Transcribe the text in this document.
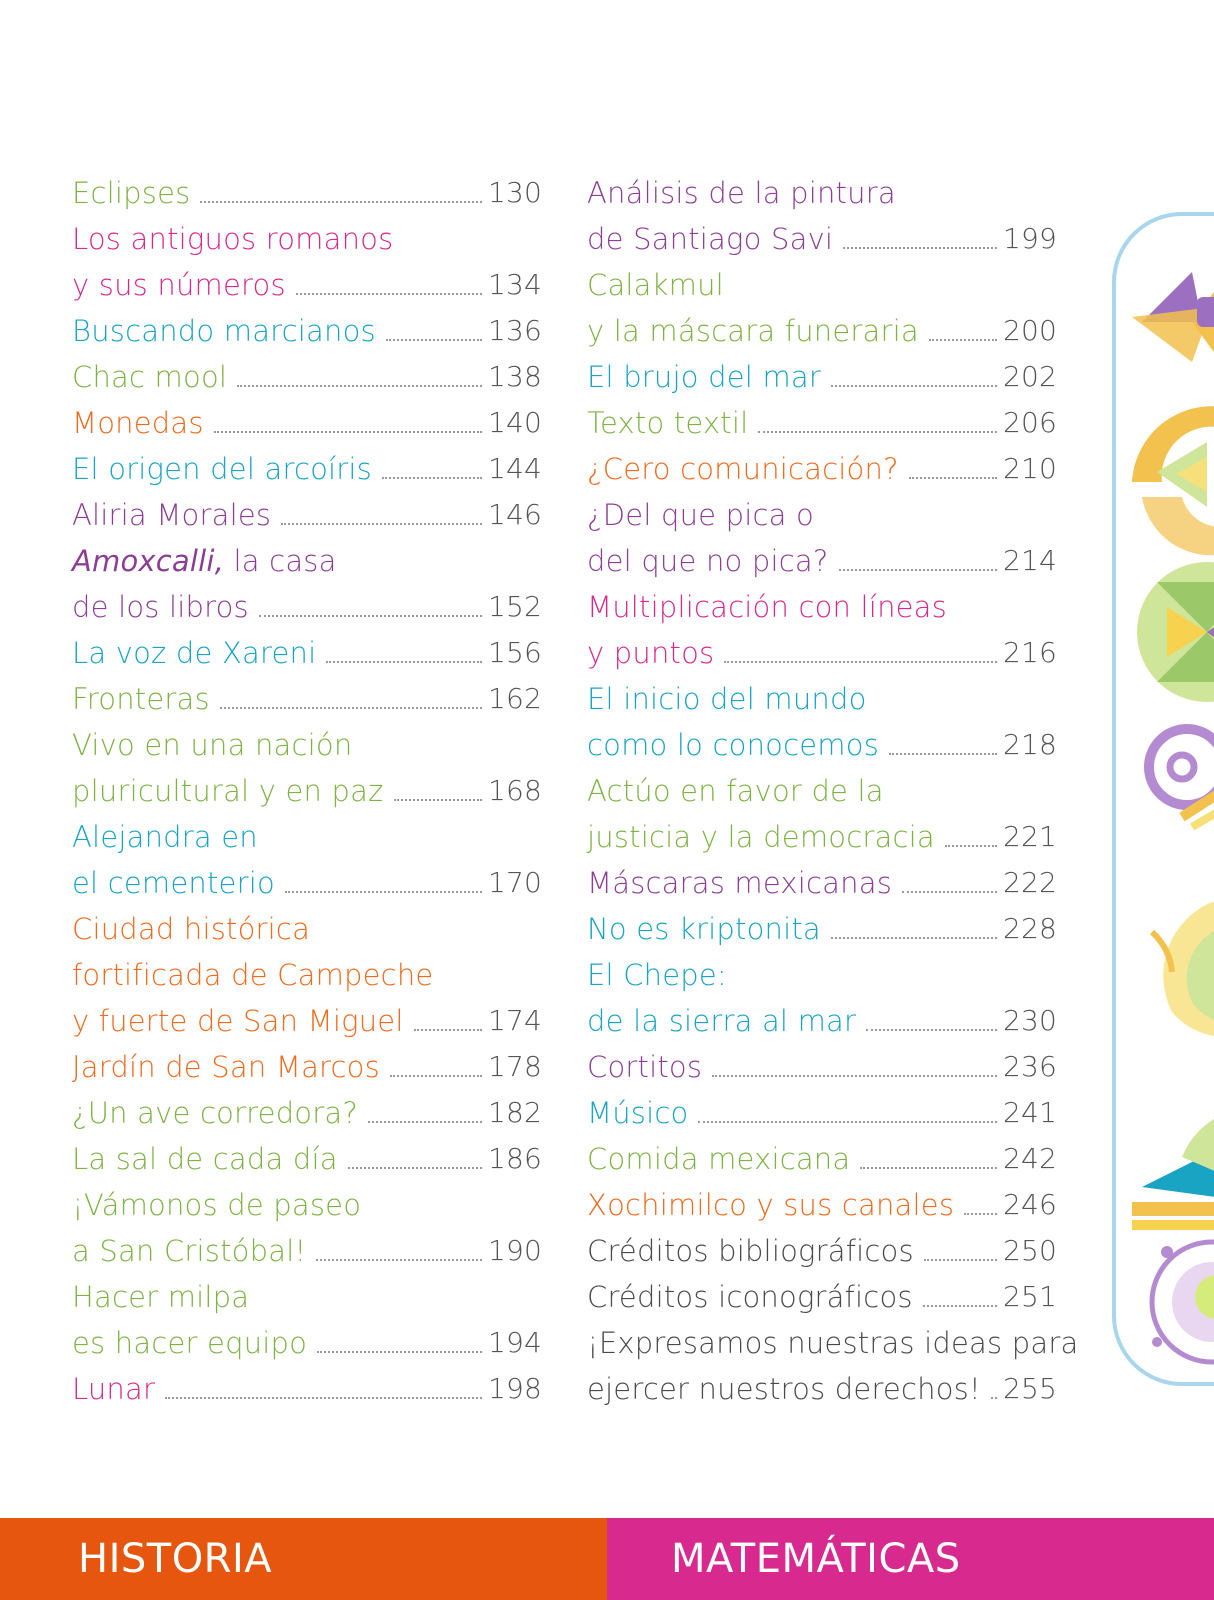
Eclipses	130
Los antiguos romanos
y sus números	134
Buscando marcianos	136
Chac mool	138
Monedas	140
El origen del arcoíris	144
Aliria Morales	146
Amoxcalli, la casa
de los libros	152
La voz de Xareni	156
Fronteras	162
Vivo en una nación
pluricultural y en paz	168
Alejandra en
el cementerio	170
Ciudad histórica
fortificada de Campeche
y fuerte de San Miguel	174
Jardín de San Marcos	178
¿Un ave corredora?	182
La sal de cada día	186
¡Vámonos de paseo
a San Cristóbal!	190
Hacer milpa
es hacer equipo	194
Lunar	198
Análisis de la pintura
de Santiago Savi	199
Calakmul
y la máscara funeraria	200
El brujo del mar	202
Texto textil	206
¿Cero comunicación?	210
¿Del que pica o
del que no pica?	214
Multiplicación con líneas
y puntos	216
El inicio del mundo
como lo conocemos	218
Actúo en favor de la
justicia y la democracia 221
Máscaras mexicanas	222
No es kriptonita	228
El Chepe:
de la sierra al mar	230
Cortitos	236
Músico	241
Comida mexicana	242
Xochimilco y sus canales 246
Créditos bibliográficos	250
Créditos iconográficos	251
¡Expresamos nuestras ideas para
ejercer nuestros derechos! 255
HISTORIA	MATEMÁTICAS
